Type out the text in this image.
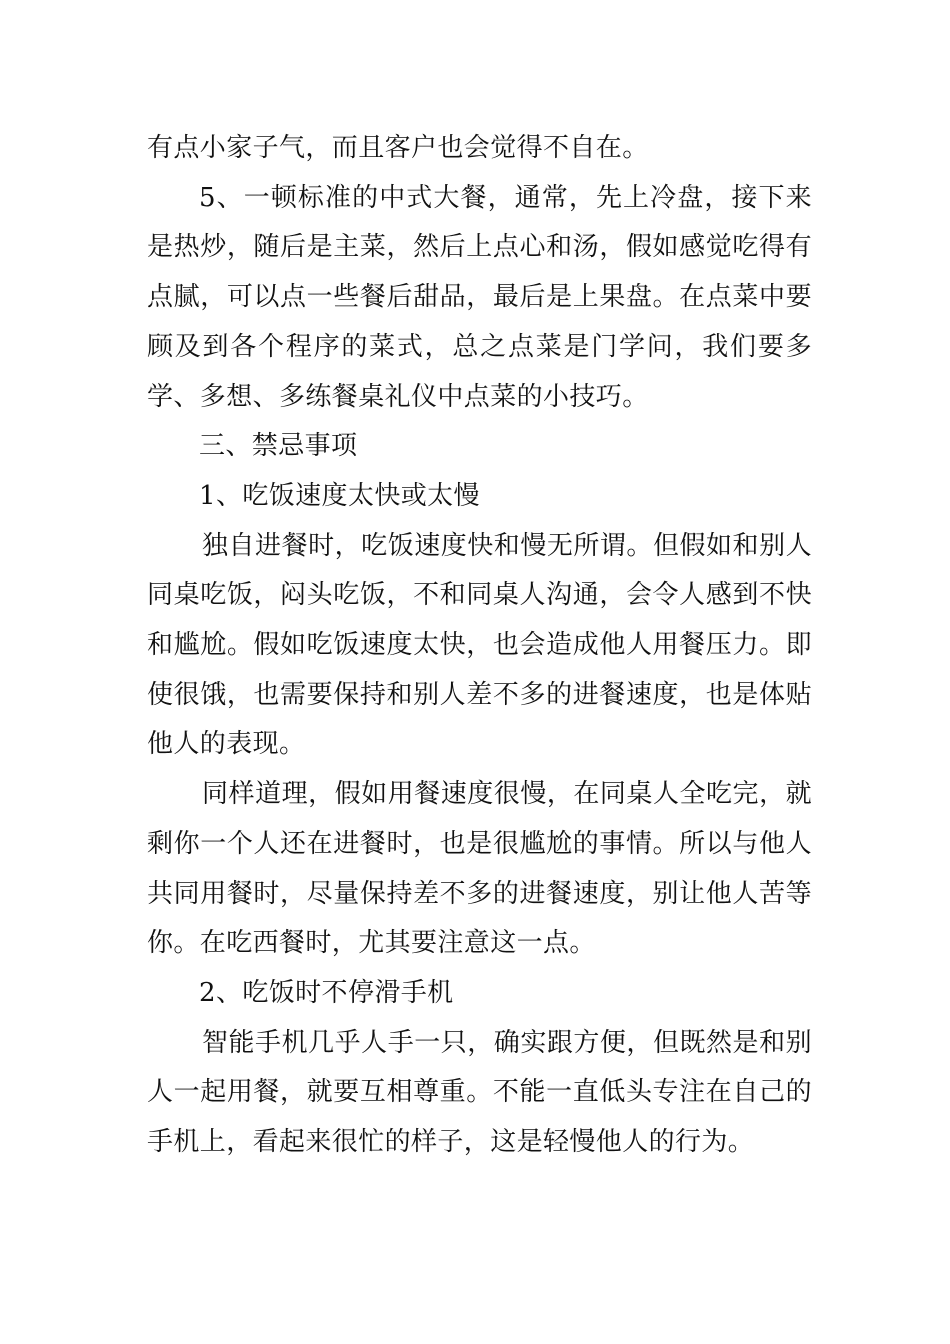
有点小家子气，而且客户也会觉得不自在。

5、一顿标准的中式大餐，通常，先上冷盘，接下来是热炒，随后是主菜，然后上点心和汤，假如感觉吃得有点腻，可以点一些餐后甜品，最后是上果盘。在点菜中要顾及到各个程序的菜式，总之点菜是门学问，我们要多学、多想、多练餐桌礼仪中点菜的小技巧。

三、禁忌事项

1、吃饭速度太快或太慢

独自进餐时，吃饭速度快和慢无所谓。但假如和别人同桌吃饭，闷头吃饭，不和同桌人沟通，会令人感到不快和尴尬。假如吃饭速度太快，也会造成他人用餐压力。即使很饿，也需要保持和别人差不多的进餐速度，也是体贴他人的表现。

同样道理，假如用餐速度很慢，在同桌人全吃完，就剩你一个人还在进餐时，也是很尴尬的事情。所以与他人共同用餐时，尽量保持差不多的进餐速度，别让他人苦等你。在吃西餐时，尤其要注意这一点。

2、吃饭时不停滑手机

智能手机几乎人手一只，确实跟方便，但既然是和别人一起用餐，就要互相尊重。不能一直低头专注在自己的手机上，看起来很忙的样子，这是轻慢他人的行为。
